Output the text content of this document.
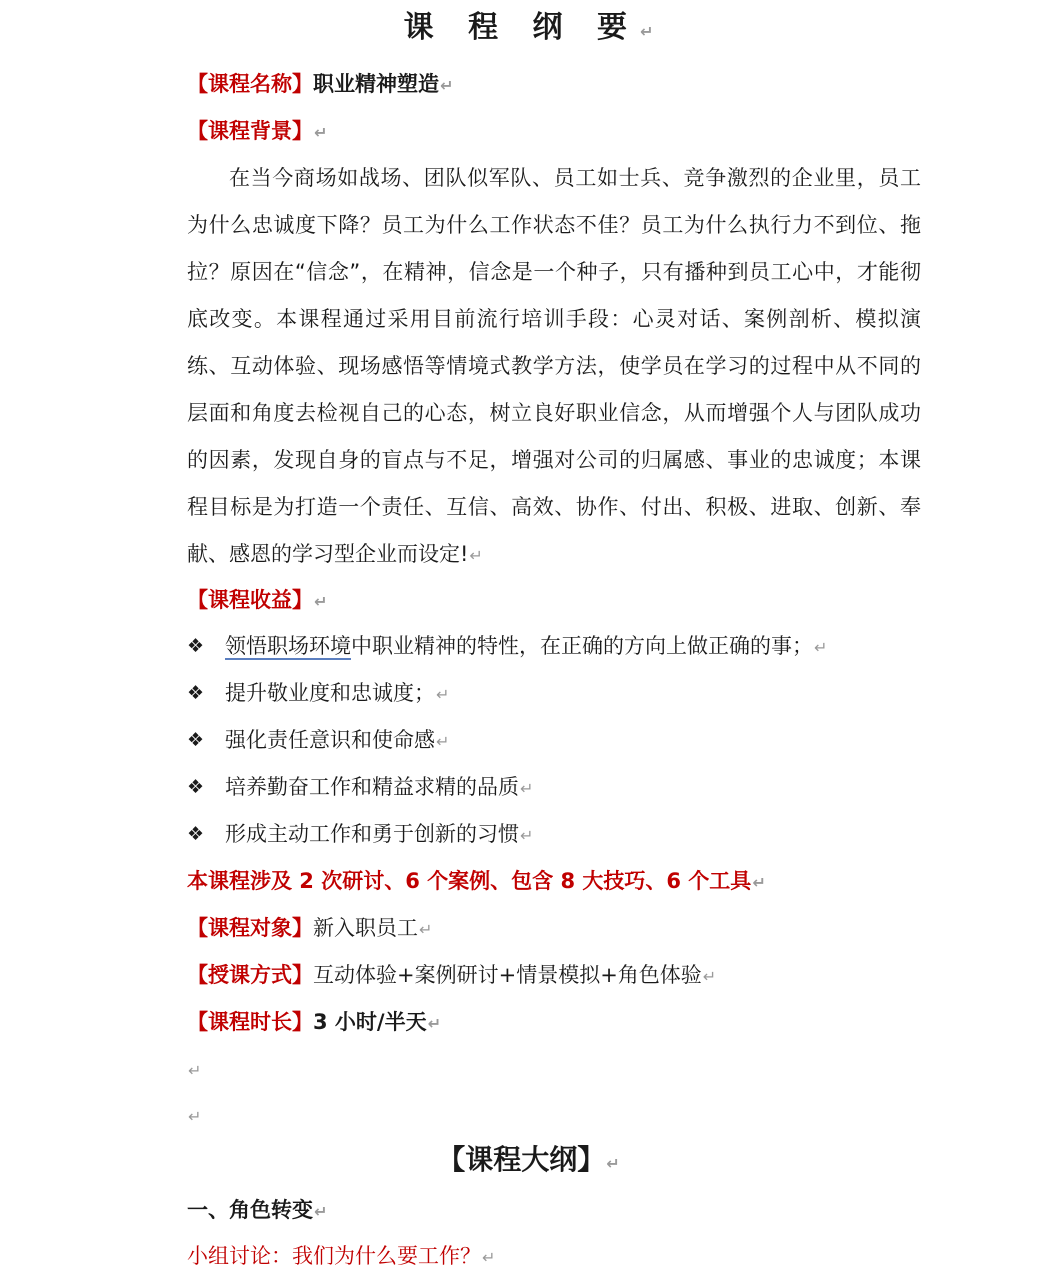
课 程 纲 要↵
【课程名称】职业精神塑造↵
【课程背景】↵
在当今商场如战场、团队似军队、员工如士兵、竞争激烈的企业里，员工为什么忠诚度下降？员工为什么工作状态不佳？员工为什么执行力不到位、拖拉？原因在“信念”，在精神，信念是一个种子，只有播种到员工心中，才能彻底改变。本课程通过采用目前流行培训手段：心灵对话、案例剖析、模拟演练、互动体验、现场感悟等情境式教学方法，使学员在学习的过程中从不同的层面和角度去检视自己的心态，树立良好职业信念，从而增强个人与团队成功的因素，发现自身的盲点与不足，增强对公司的归属感、事业的忠诚度；本课程目标是为打造一个责任、互信、高效、协作、付出、积极、进取、创新、奉献、感恩的学习型企业而设定!↵
【课程收益】↵
❖ 领悟职场环境中职业精神的特性，在正确的方向上做正确的事；↵
❖ 提升敬业度和忠诚度；↵
❖ 强化责任意识和使命感↵
❖ 培养勤奋工作和精益求精的品质↵
❖ 形成主动工作和勇于创新的习惯↵
本课程涉及 2 次研讨、6 个案例、包含 8 大技巧、6 个工具↵
【课程对象】新入职员工↵
【授课方式】互动体验+案例研讨+情景模拟+角色体验↵
【课程时长】3 小时/半天↵
↵
↵
【课程大纲】↵
一、角色转变↵
小组讨论：我们为什么要工作？↵
